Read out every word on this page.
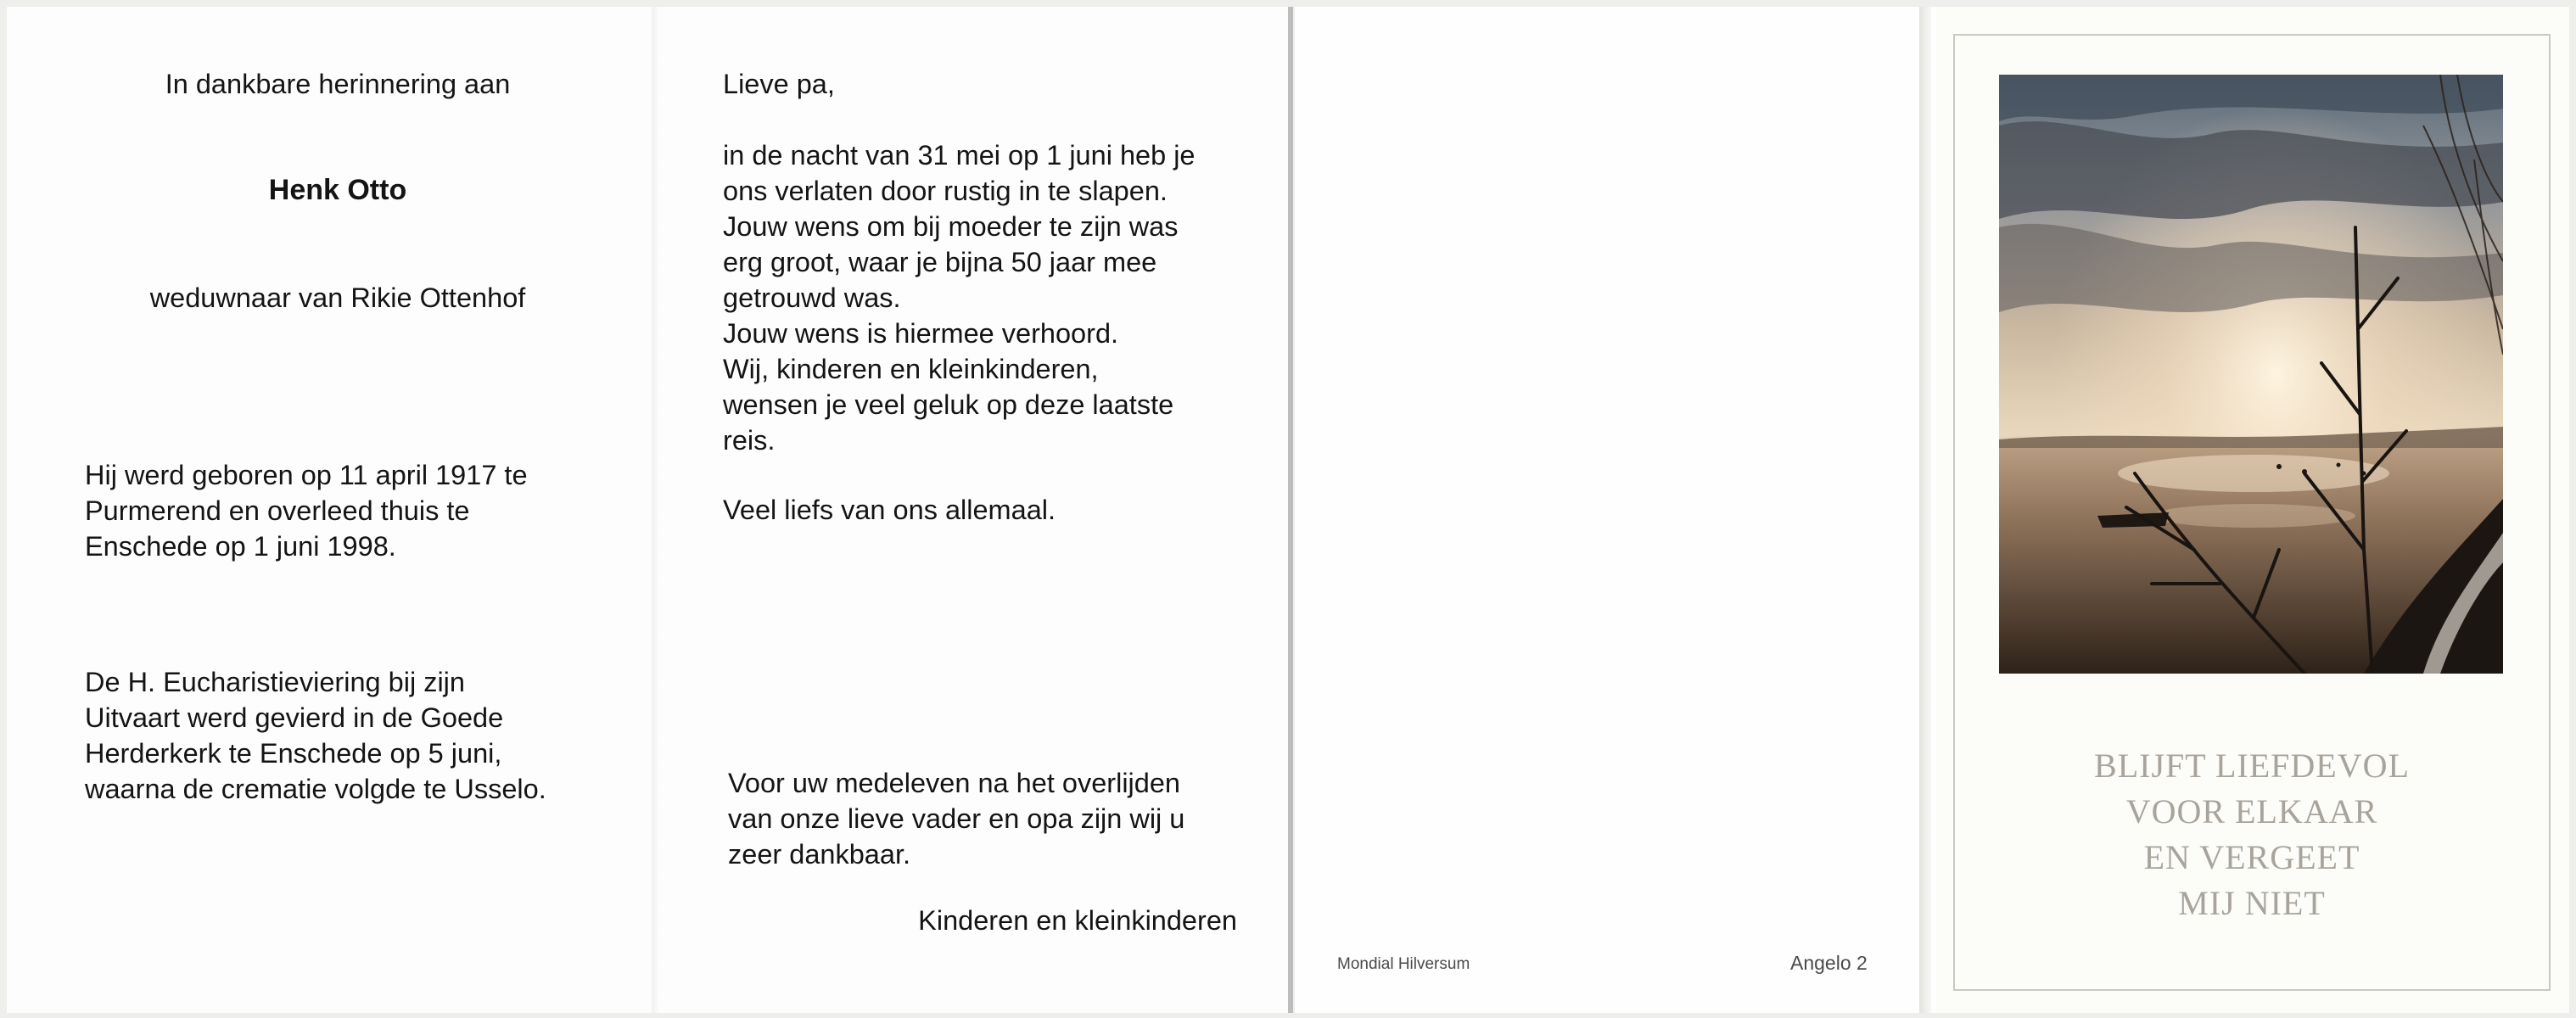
In dankbare herinnering aan
Henk Otto
weduwnaar van Rikie Ottenhof
Hij werd geboren op 11 april 1917 te
Purmerend en overleed thuis te
Enschede op 1 juni 1998.
De H. Eucharistieviering bij zijn
Uitvaart werd gevierd in de Goede
Herderkerk te Enschede op 5 juni,
waarna de crematie volgde te Usselo.
Lieve pa,
in de nacht van 31 mei op 1 juni heb je
ons verlaten door rustig in te slapen.
Jouw wens om bij moeder te zijn was
erg groot, waar je bijna 50 jaar mee
getrouwd was.
Jouw wens is hiermee verhoord.
Wij, kinderen en kleinkinderen,
wensen je veel geluk op deze laatste
reis.
Veel liefs van ons allemaal.
Voor uw medeleven na het overlijden
van onze lieve vader en opa zijn wij u
zeer dankbaar.
Kinderen en kleinkinderen
Mondial Hilversum	Angelo 2
BLIJFT LIEFDEVOL
VOOR ELKAAR
EN VERGEET
MIJ NIET
